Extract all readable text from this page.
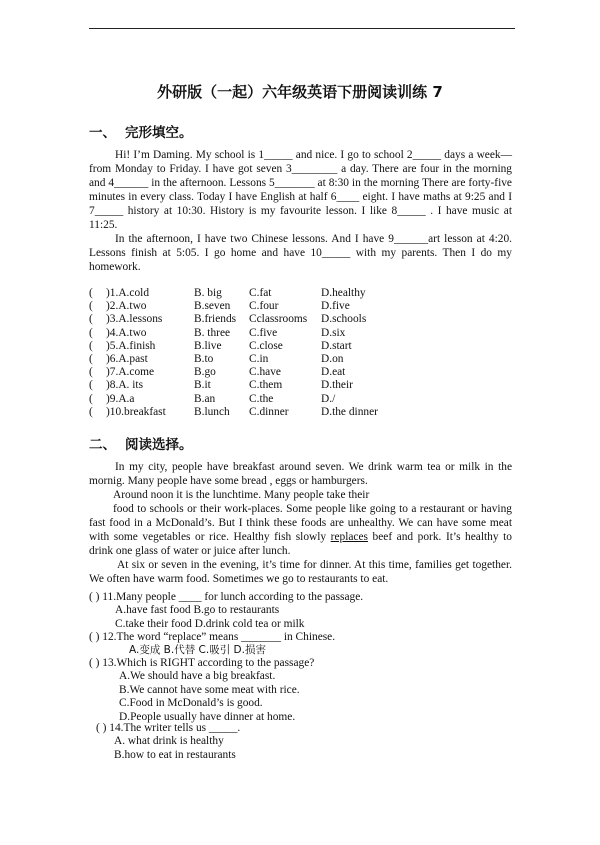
外研版（一起）六年级英语下册阅读训练 7
一、 完形填空。

Hi! I’m Daming. My school is 1_____ and nice. I go to school 2_____ days a week—from Monday to Friday. I have got seven 3________ a day. There are four in the morning and 4______ in the afternoon. Lessons 5_______ at 8:30 in the morning There are forty-five minutes in every class. Today I have English at half 6____ eight. I have maths at 9:25 and I 7_____ history at 10:30. History is my favourite lesson. I like 8_____ . I have music at 11:25.

In the afternoon, I have two Chinese lessons. And I have 9______art lesson at 4:20. Lessons finish at 5:05. I go home and have 10_____ with my parents. Then I do my homework.

( )1.A.cold	B. big C.fat	D.healthy
( )2.A.two	B.seven C.four	D.five
( )3.A.lessons	B.friends Cclassrooms D.schools
( )4.A.two	B. three C.five	D.six
( )5.A.finish	B.live C.close	D.start
( )6.A.past	B.to	C.in	D.on
( )7.A.come	B.go	C.have	D.eat
( )8.A. its	B.it	C.them	D.their
( )9.A.a	B.an	C.the	D./
( )10.breakfast B.lunch C.dinner	D.the dinner
二、 阅读选择。

In my city, people have breakfast around seven. We drink warm tea or milk in the mornig. Many people have some bread , eggs or hamburgers.

Around noon it is the lunchtime. Many people take their

food to schools or their work-places. Some people like going to a restaurant or having fast food in a McDonald’s. But I think these foods are unhealthy. We can have some meat with some vegetables or rice. Healthy fish slowly replaces beef and pork. It’s healthy to drink one glass of water or juice after lunch.

At six or seven in the evening, it’s time for dinner. At this time, families get together. We often have warm food. Sometimes we go to restaurants to eat.

( ) 11.Many people ____ for lunch according to the passage.
A.have fast food B.go to restaurants
C.take their food D.drink cold tea or milk
( ) 12.The word “replace” means _______ in Chinese.
A.变成 B.代替 C.吸引 D.损害
( ) 13.Which is RIGHT according to the passage?
A.We should have a big breakfast.
B.We cannot have some meat with rice.
C.Food in McDonald’s is good.
D.People usually have dinner at home.
( ) 14.The writer tells us _____.
A. what drink is healthy
B.how to eat in restaurants
